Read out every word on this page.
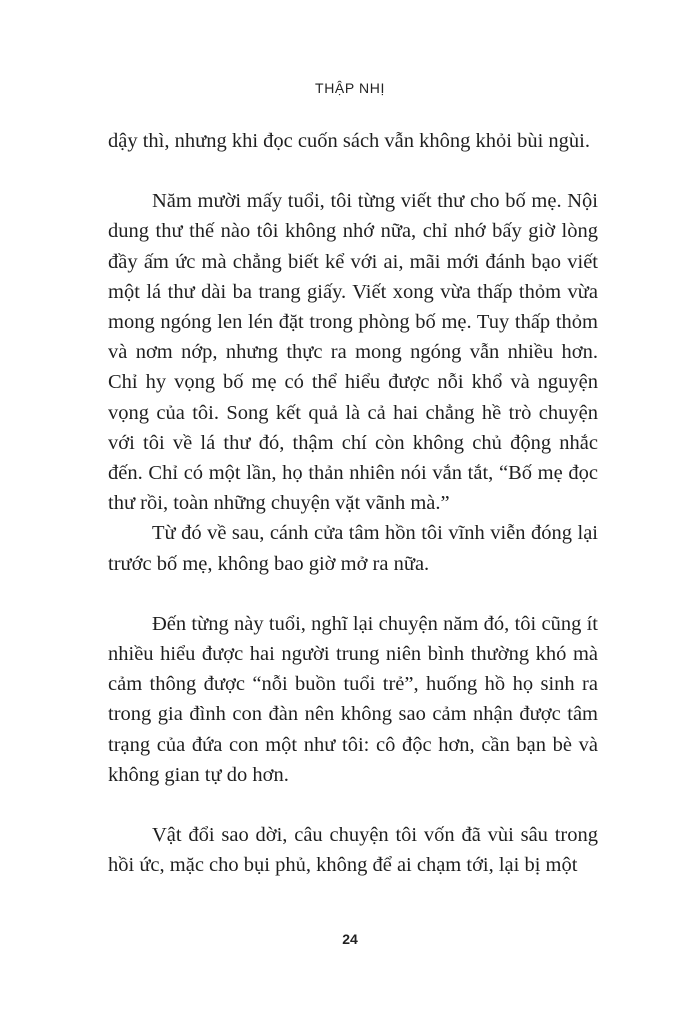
THẬP NHỊ

dậy thì, nhưng khi đọc cuốn sách vẫn không khỏi bùi ngùi.

Năm mười mấy tuổi, tôi từng viết thư cho bố mẹ. Nội dung thư thế nào tôi không nhớ nữa, chỉ nhớ bấy giờ lòng đầy ấm ức mà chẳng biết kể với ai, mãi mới đánh bạo viết một lá thư dài ba trang giấy. Viết xong vừa thấp thỏm vừa mong ngóng len lén đặt trong phòng bố mẹ. Tuy thấp thỏm và nơm nớp, nhưng thực ra mong ngóng vẫn nhiều hơn. Chỉ hy vọng bố mẹ có thể hiểu được nỗi khổ và nguyện vọng của tôi. Song kết quả là cả hai chẳng hề trò chuyện với tôi về lá thư đó, thậm chí còn không chủ động nhắc đến. Chỉ có một lần, họ thản nhiên nói vắn tắt, “Bố mẹ đọc thư rồi, toàn những chuyện vặt vãnh mà.”

Từ đó về sau, cánh cửa tâm hồn tôi vĩnh viễn đóng lại trước bố mẹ, không bao giờ mở ra nữa.

Đến từng này tuổi, nghĩ lại chuyện năm đó, tôi cũng ít nhiều hiểu được hai người trung niên bình thường khó mà cảm thông được “nỗi buồn tuổi trẻ”, huống hồ họ sinh ra trong gia đình con đàn nên không sao cảm nhận được tâm trạng của đứa con một như tôi: cô độc hơn, cần bạn bè và không gian tự do hơn.

Vật đổi sao dời, câu chuyện tôi vốn đã vùi sâu trong hồi ức, mặc cho bụi phủ, không để ai chạm tới, lại bị một

24
